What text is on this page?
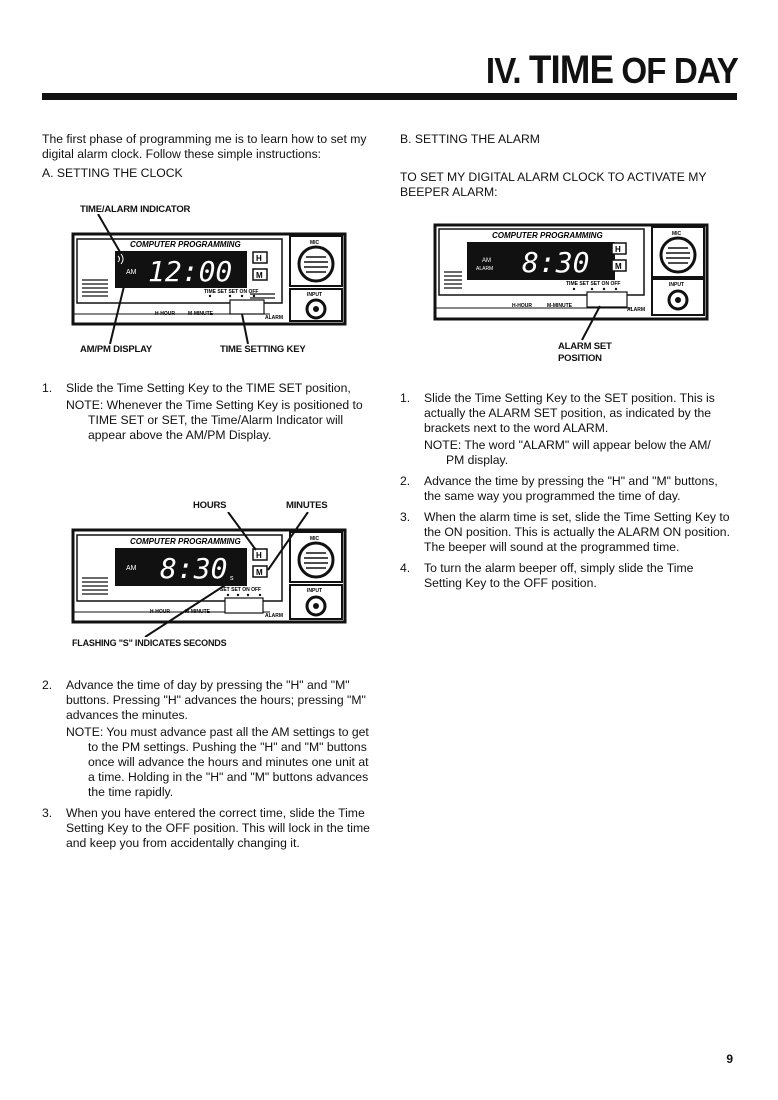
IV. TIME OF DAY
The first phase of programming me is to learn how to set my digital alarm clock. Follow these simple instructions:
A. SETTING THE CLOCK
TIME/ALARM INDICATOR
COMPUTER PROGRAMMING
AM 12:00	H
M
TIME SET SET ON OFF
H-HOUR	M-MINUTE
ALARM
MIC
INPUT
AM/PM DISPLAY	TIME SETTING KEY
1. Slide the Time Setting Key to the TIME SET position,
NOTE: Whenever the Time Setting Key is positioned to TIME SET or SET, the Time/Alarm Indicator will appear above the AM/PM Display.
HOURS	MINUTES
COMPUTER PROGRAMMING
AM 8:30 s
H
M
SET SET ON OFF
H-HOUR	M-MINUTE
ALARM
MIC
INPUT
FLASHING "S" INDICATES SECONDS
2. Advance the time of day by pressing the "H" and "M" buttons. Pressing "H" advances the hours; pressing "M" advances the minutes.
NOTE: You must advance past all the AM settings to get to the PM settings. Pushing the "H" and "M" buttons once will advance the hours and minutes one unit at a time. Holding in the "H" and "M" buttons advances the time rapidly.
3. When you have entered the correct time, slide the Time Setting Key to the OFF position. This will lock in the time and keep you from accidentally changing it.
B. SETTING THE ALARM
TO SET MY DIGITAL ALARM CLOCK TO ACTIVATE MY BEEPER ALARM:
COMPUTER PROGRAMMING
AM
ALARM 8:30	H
M
TIME SET SET ON OFF
H-HOUR	M-MINUTE
ALARM
MIC
INPUT
ALARM SET
POSITION
1. Slide the Time Setting Key to the SET position. This is actually the ALARM SET position, as indicated by the brackets next to the word ALARM.
NOTE: The word "ALARM" will appear below the AM/ PM display.
2. Advance the time by pressing the "H" and "M" buttons, the same way you programmed the time of day.
3. When the alarm time is set, slide the Time Setting Key to the ON position. This is actually the ALARM ON position. The beeper will sound at the programmed time.
4. To turn the alarm beeper off, simply slide the Time Setting Key to the OFF position.
9
